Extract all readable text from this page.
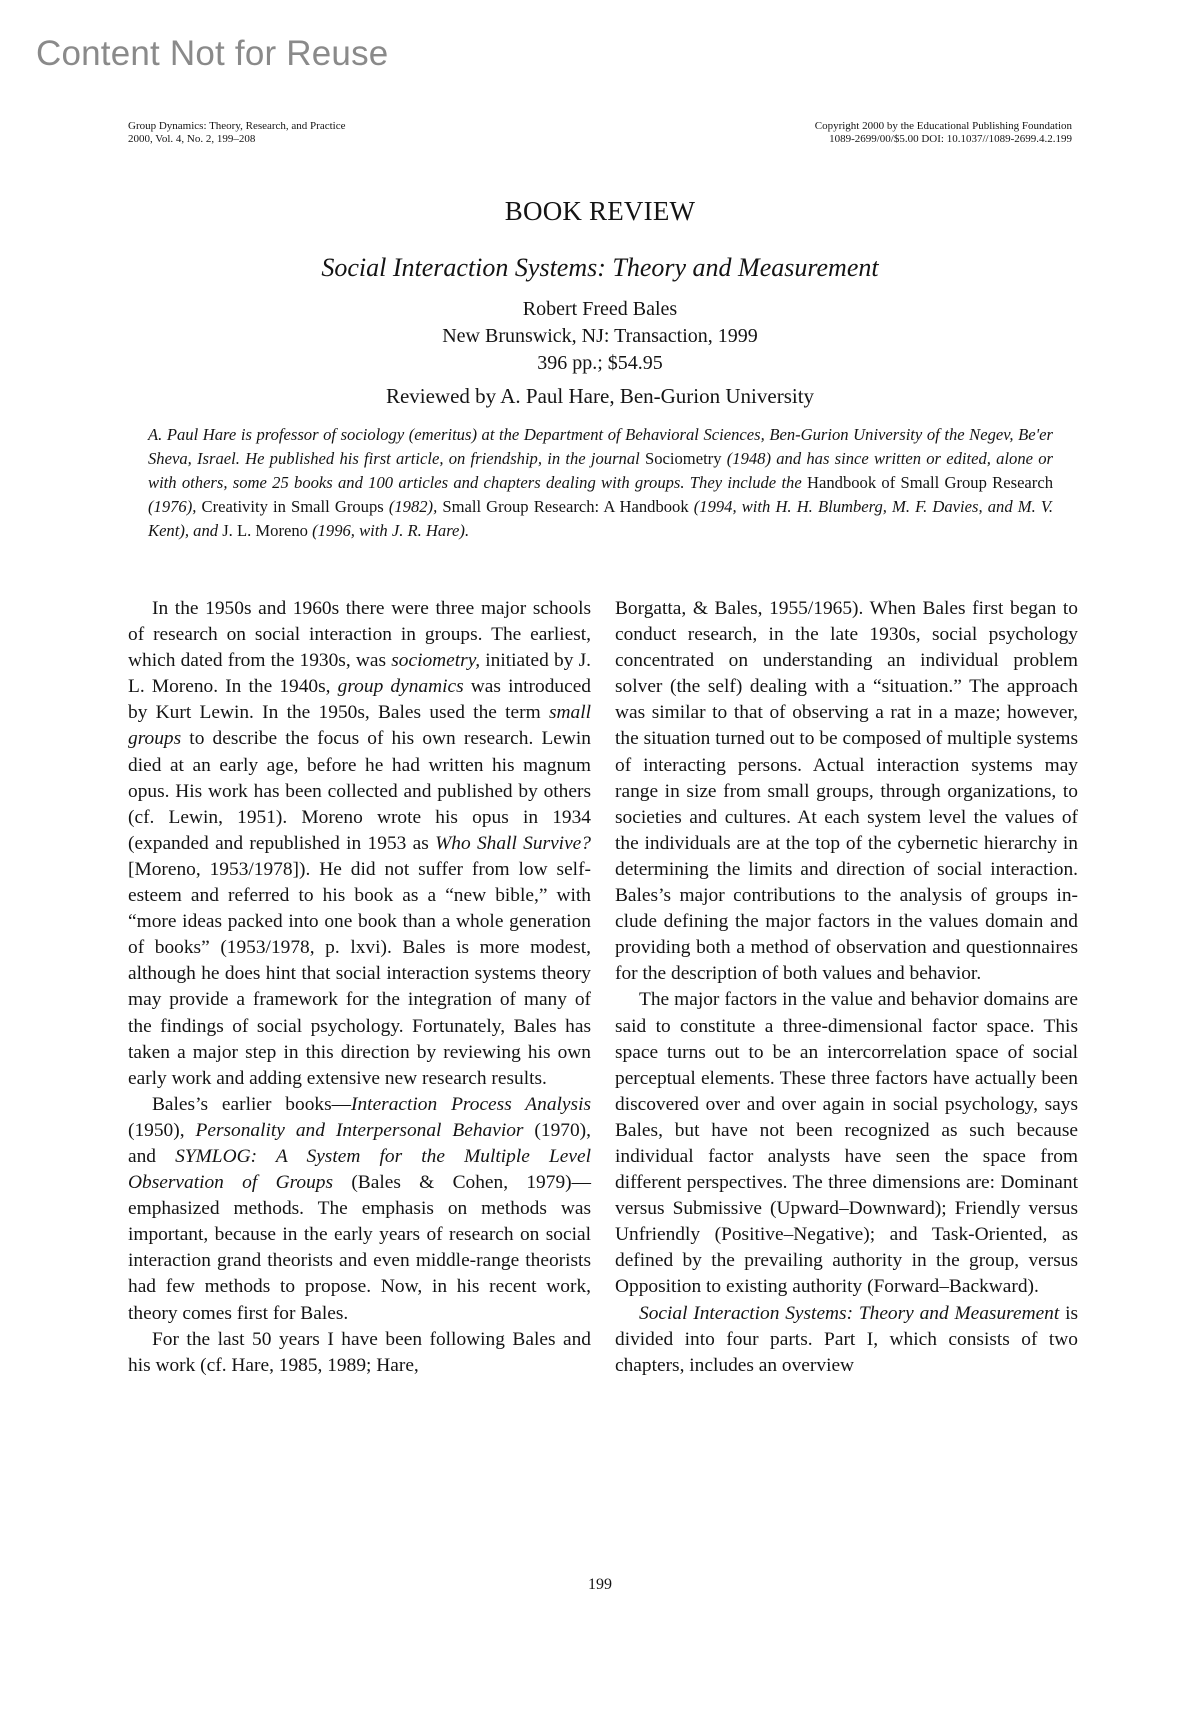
Content Not for Reuse
Group Dynamics: Theory, Research, and Practice
2000, Vol. 4, No. 2, 199–208
Copyright 2000 by the Educational Publishing Foundation
1089-2699/00/$5.00 DOI: 10.1037//1089-2699.4.2.199
BOOK REVIEW
Social Interaction Systems: Theory and Measurement
Robert Freed Bales
New Brunswick, NJ: Transaction, 1999
396 pp.; $54.95
Reviewed by A. Paul Hare, Ben-Gurion University
A. Paul Hare is professor of sociology (emeritus) at the Department of Behavioral Sciences, Ben-Gurion University of the Negev, Be'er Sheva, Israel. He published his first article, on friendship, in the journal Sociometry (1948) and has since written or edited, alone or with others, some 25 books and 100 articles and chapters dealing with groups. They include the Handbook of Small Group Research (1976), Creativity in Small Groups (1982), Small Group Research: A Handbook (1994, with H. H. Blumberg, M. F. Davies, and M. V. Kent), and J. L. Moreno (1996, with J. R. Hare).

In the 1950s and 1960s there were three major schools of research on social interaction in groups. The earliest, which dated from the 1930s, was sociometry, initiated by J. L. Moreno. In the 1940s, group dynamics was introduced by Kurt Lewin. In the 1950s, Bales used the term small groups to describe the focus of his own research. Lewin died at an early age, before he had written his magnum opus. His work has been collected and published by others (cf. Lewin, 1951). Moreno wrote his opus in 1934 (expanded and republished in 1953 as Who Shall Survive? [Moreno, 1953/1978]). He did not suffer from low self-esteem and referred to his book as a “new bible,” with “more ideas packed into one book than a whole generation of books” (1953/1978, p. lxvi). Bales is more modest, although he does hint that social interaction systems theory may provide a framework for the integration of many of the findings of social psychology. Fortunately, Bales has taken a major step in this direction by reviewing his own early work and adding extensive new research results.

Bales’s earlier books—Interaction Process Analysis (1950), Personality and Interpersonal Behavior (1970), and SYMLOG: A System for the Multiple Level Observation of Groups (Bales & Cohen, 1979)—emphasized methods. The emphasis on methods was important, because in the early years of research on social interaction grand theorists and even middle-range theorists had few methods to propose. Now, in his recent work, theory comes first for Bales.

For the last 50 years I have been following Bales and his work (cf. Hare, 1985, 1989; Hare,

Borgatta, & Bales, 1955/1965). When Bales first began to conduct research, in the late 1930s, social psychology concentrated on understanding an individual problem solver (the self) dealing with a “situation.” The approach was similar to that of observing a rat in a maze; however, the situation turned out to be composed of multiple systems of interacting persons. Actual interaction systems may range in size from small groups, through organizations, to societies and cultures. At each system level the values of the individuals are at the top of the cybernetic hierarchy in determining the limits and direction of social interaction. Bales’s major contributions to the analysis of groups include defining the major factors in the values domain and providing both a method of observation and questionnaires for the description of both values and behavior.

The major factors in the value and behavior domains are said to constitute a three-dimensional factor space. This space turns out to be an intercorrelation space of social perceptual elements. These three factors have actually been discovered over and over again in social psychology, says Bales, but have not been recognized as such because individual factor analysts have seen the space from different perspectives. The three dimensions are: Dominant versus Submissive (Upward–Downward); Friendly versus Unfriendly (Positive–Negative); and Task-Oriented, as defined by the prevailing authority in the group, versus Opposition to existing authority (Forward–Backward).

Social Interaction Systems: Theory and Measurement is divided into four parts. Part I, which consists of two chapters, includes an overview

199
